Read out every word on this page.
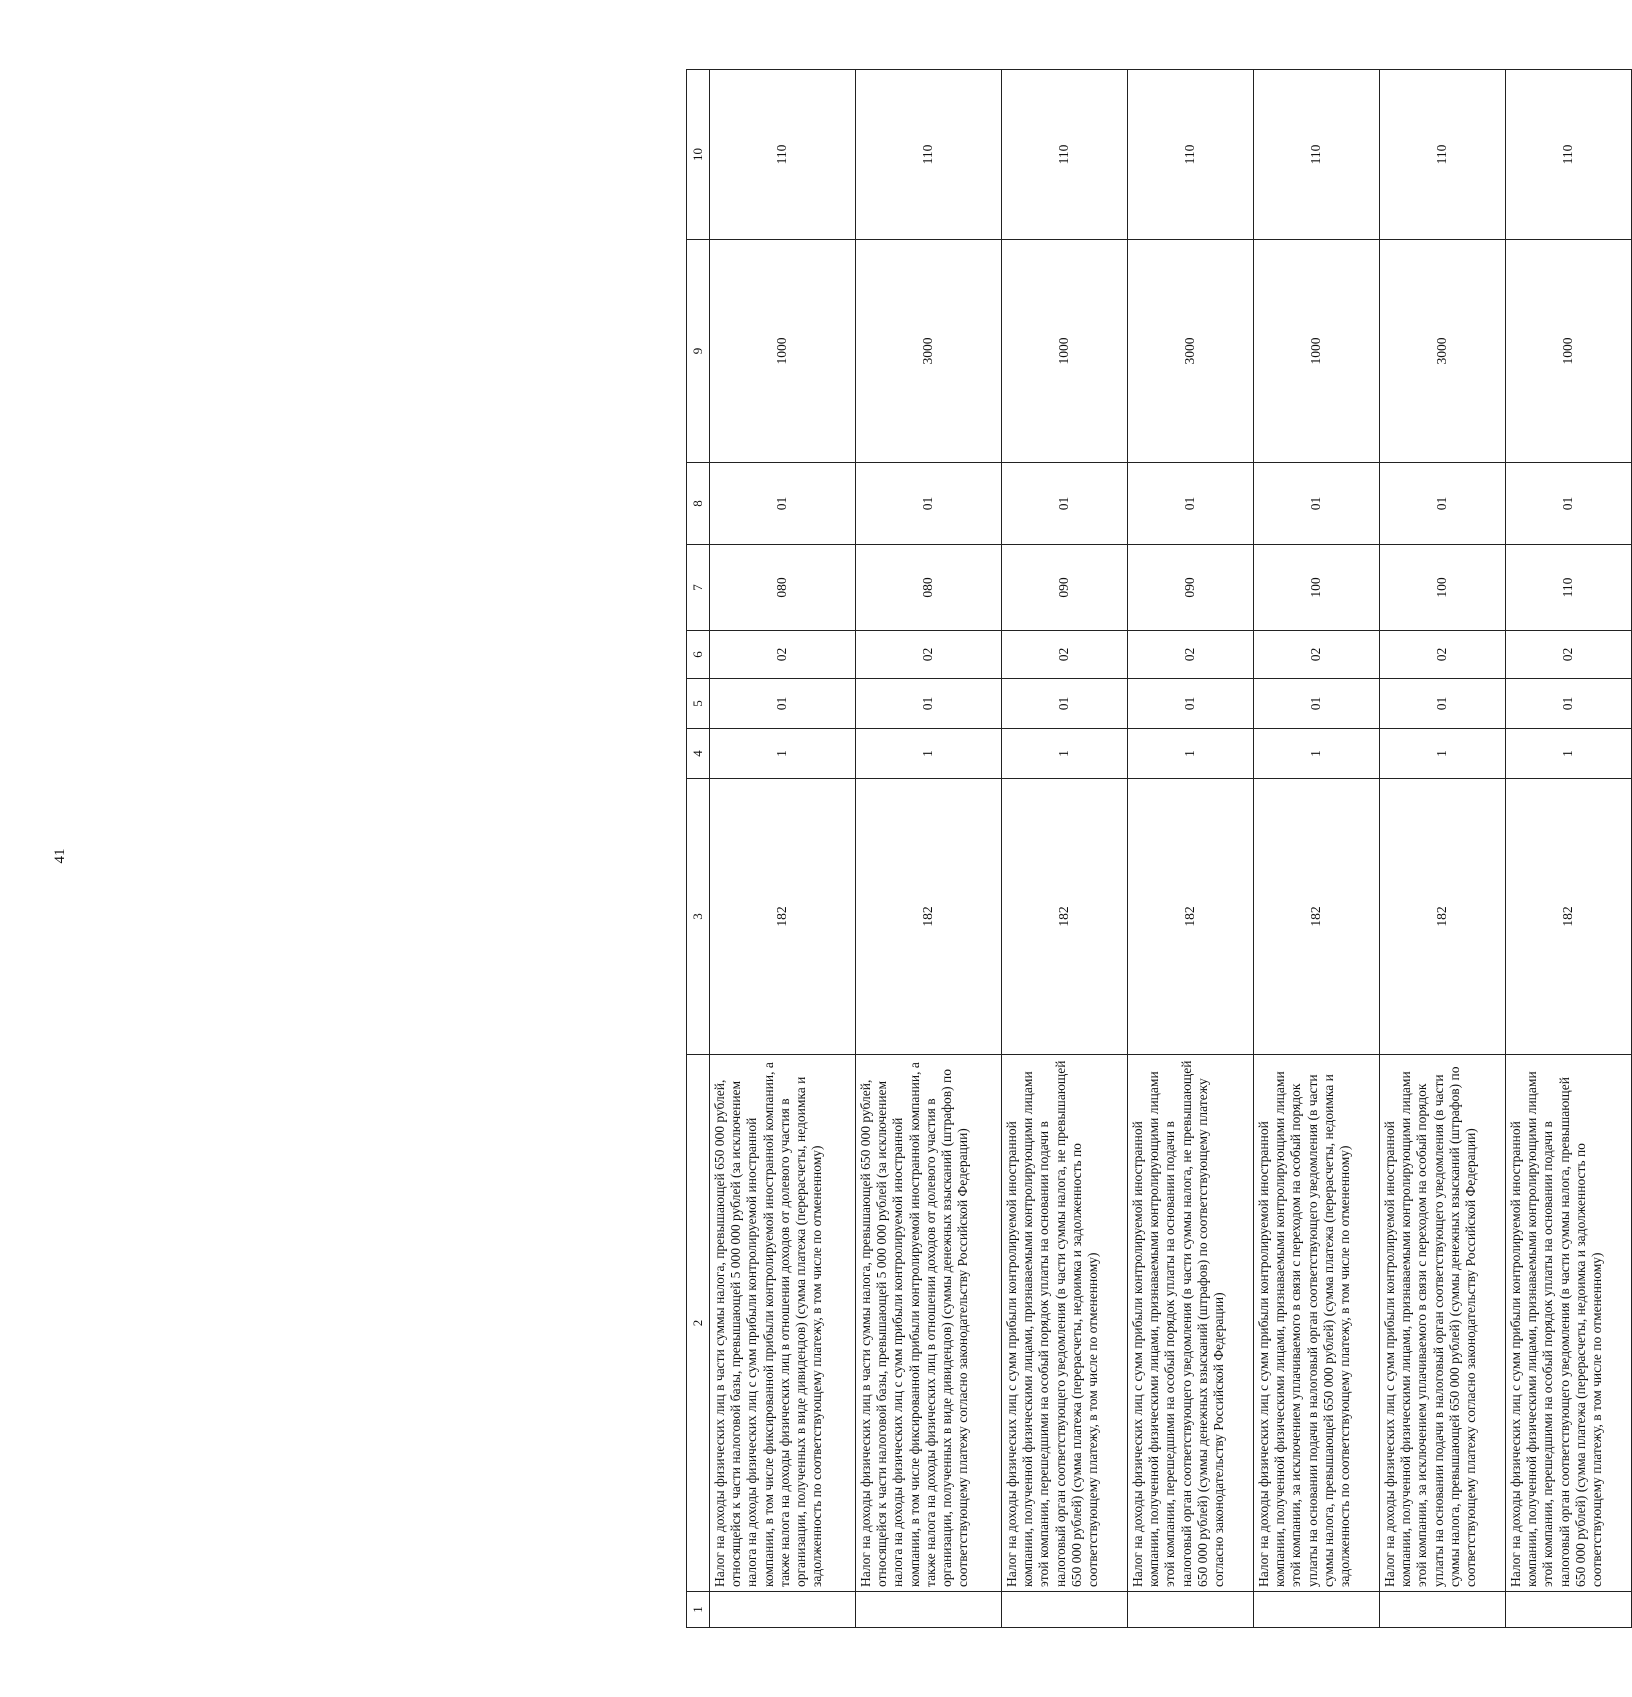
41
1	2	3	4	5	6	7	8	9	10
	Налог на доходы физических лиц в части суммы налога, превышающей 650 000 рублей, относящейся к части налоговой базы, превышающей 5 000 000 рублей (за исключением налога на доходы физических лиц с сумм прибыли контролируемой иностранной компании, в том числе фиксированной прибыли контролируемой иностранной компании, а также налога на доходы физических лиц в отношении доходов от долевого участия в организации, полученных в виде дивидендов) (сумма платежа (перерасчеты, недоимка и задолженность по соответствующему платежу, в том числе по отмененному)	182	1	01	02	080	01	1000	110
	Налог на доходы физических лиц в части суммы налога, превышающей 650 000 рублей, относящейся к части налоговой базы, превышающей 5 000 000 рублей (за исключением налога на доходы физических лиц с сумм прибыли контролируемой иностранной компании, в том числе фиксированной прибыли контролируемой иностранной компании, а также налога на доходы физических лиц в отношении доходов от долевого участия в организации, полученных в виде дивидендов) (суммы денежных взысканий (штрафов) по соответствующему платежу согласно законодательству Российской Федерации)	182	1	01	02	080	01	3000	110
	Налог на доходы физических лиц с сумм прибыли контролируемой иностранной компании, полученной физическими лицами, признаваемыми контролирующими лицами этой компании, перешедшими на особый порядок уплаты на основании подачи в налоговый орган соответствующего уведомления (в части суммы налога, не превышающей 650 000 рублей) (сумма платежа (перерасчеты, недоимка и задолженность по соответствующему платежу, в том числе по отмененному)	182	1	01	02	090	01	1000	110
	Налог на доходы физических лиц с сумм прибыли контролируемой иностранной компании, полученной физическими лицами, признаваемыми контролирующими лицами этой компании, перешедшими на особый порядок уплаты на основании подачи в налоговый орган соответствующего уведомления (в части суммы налога, не превышающей 650 000 рублей) (суммы денежных взысканий (штрафов) по соответствующему платежу согласно законодательству Российской Федерации)	182	1	01	02	090	01	3000	110
	Налог на доходы физических лиц с сумм прибыли контролируемой иностранной компании, полученной физическими лицами, признаваемыми контролирующими лицами этой компании, за исключением уплачиваемого в связи с переходом на особый порядок уплаты на основании подачи в налоговый орган соответствующего уведомления (в части суммы налога, превышающей 650 000 рублей) (сумма платежа (перерасчеты, недоимка и задолженность по соответствующему платежу, в том числе по отмененному)	182	1	01	02	100	01	1000	110
	Налог на доходы физических лиц с сумм прибыли контролируемой иностранной компании, полученной физическими лицами, признаваемыми контролирующими лицами этой компании, за исключением уплачиваемого в связи с переходом на особый порядок уплаты на основании подачи в налоговый орган соответствующего уведомления (в части суммы налога, превышающей 650 000 рублей) (суммы денежных взысканий (штрафов) по соответствующему платежу согласно законодательству Российской Федерации)	182	1	01	02	100	01	3000	110
	Налог на доходы физических лиц с сумм прибыли контролируемой иностранной компании, полученной физическими лицами, признаваемыми контролирующими лицами этой компании, перешедшими на особый порядок уплаты на основании подачи в налоговый орган соответствующего уведомления (в части суммы налога, превышающей 650 000 рублей) (сумма платежа (перерасчеты, недоимка и задолженность по соответствующему платежу, в том числе по отмененному)	182	1	01	02	110	01	1000	110
